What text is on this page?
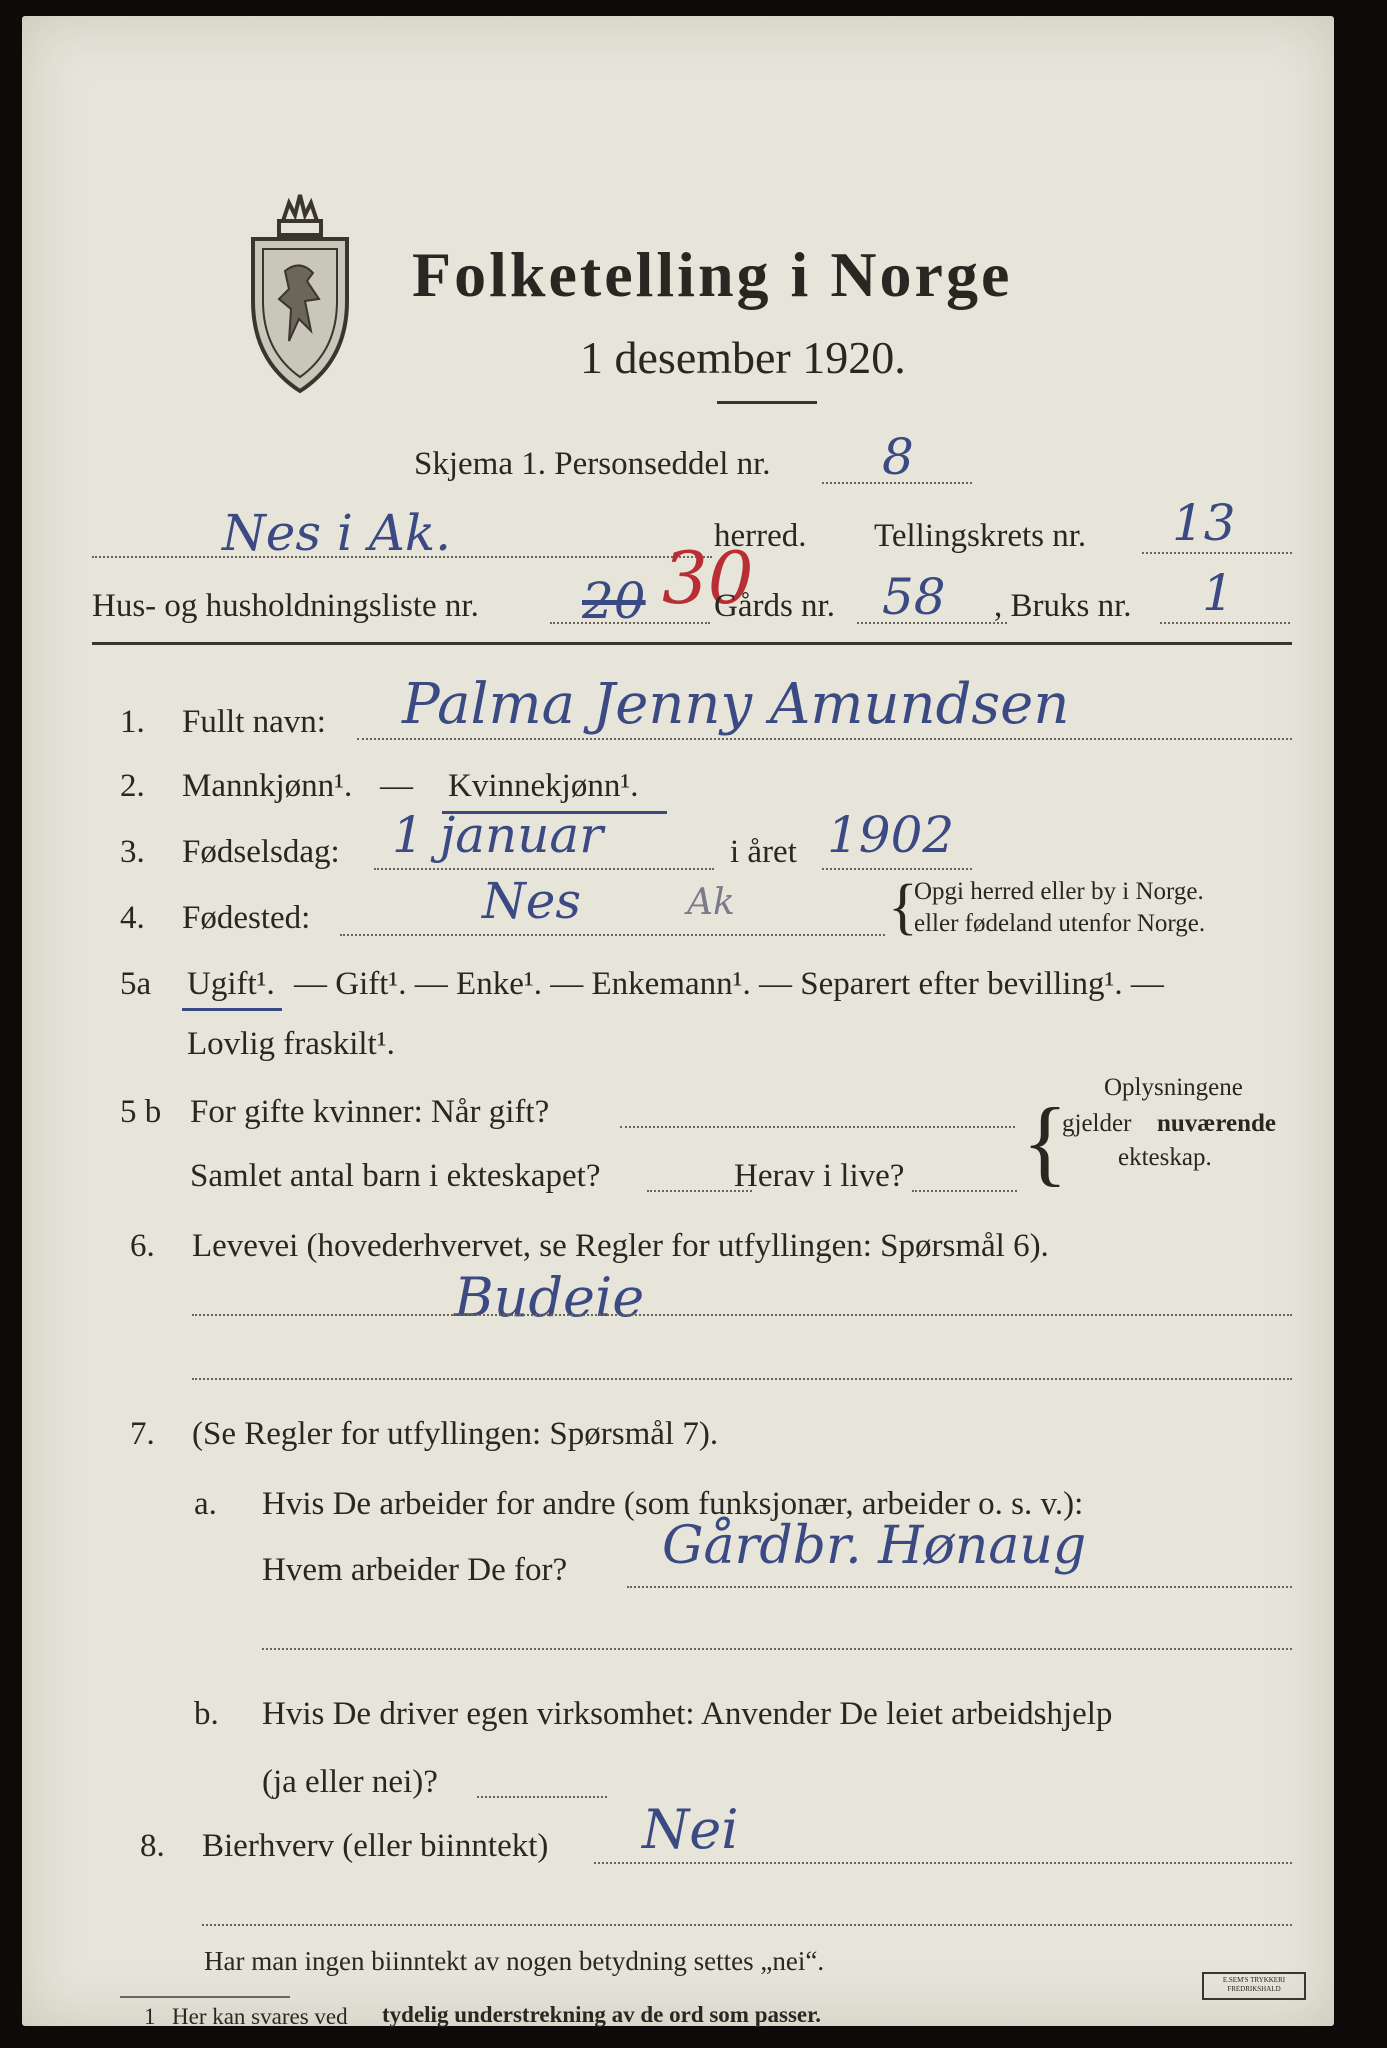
Folketelling i Norge
1 desember 1920.
Skjema 1. Personseddel nr. 8
Nes i Ak.	herred. Tellingskrets nr. 13
Hus- og husholdningsliste nr. 20 30
Gårds nr. 58 , Bruks nr. 1
1. Fullt navn: Palma Jenny Amundsen
2. Mannkjønn¹. — Kvinnekjønn¹.
3. Fødselsdag: 1 januar	i året 1902
4. Fødested:	Nes	Ak {
Opgi herred eller by i Norge.
eller fødeland utenfor Norge.
5a Ugift¹. — Gift¹. — Enke¹. — Enkemann¹. — Separert efter bevilling¹. —
Lovlig fraskilt¹.
5 b For gifte kvinner: Når gift?
Samlet antal barn i ekteskapet?	Herav i live? {
Oplysningene
gjelder nuværende
ekteskap.
6. Levevei (hovederhvervet, se Regler for utfyllingen: Spørsmål 6).
Budeie
7. (Se Regler for utfyllingen: Spørsmål 7).
a. Hvis De arbeider for andre (som funksjonær, arbeider o. s. v.):
Hvem arbeider De for? Gårdbr. Hønaug
b. Hvis De driver egen virksomhet: Anvender De leiet arbeidshjelp
(ja eller nei)?
8. Bierhverv (eller biinntekt) Nei
Har man ingen biinntekt av nogen betydning settes „nei“.
1 Her kan svares ved tydelig understrekning av de ord som passer.
E.SEM'S TRYKKERI FREDRIKSHALD
